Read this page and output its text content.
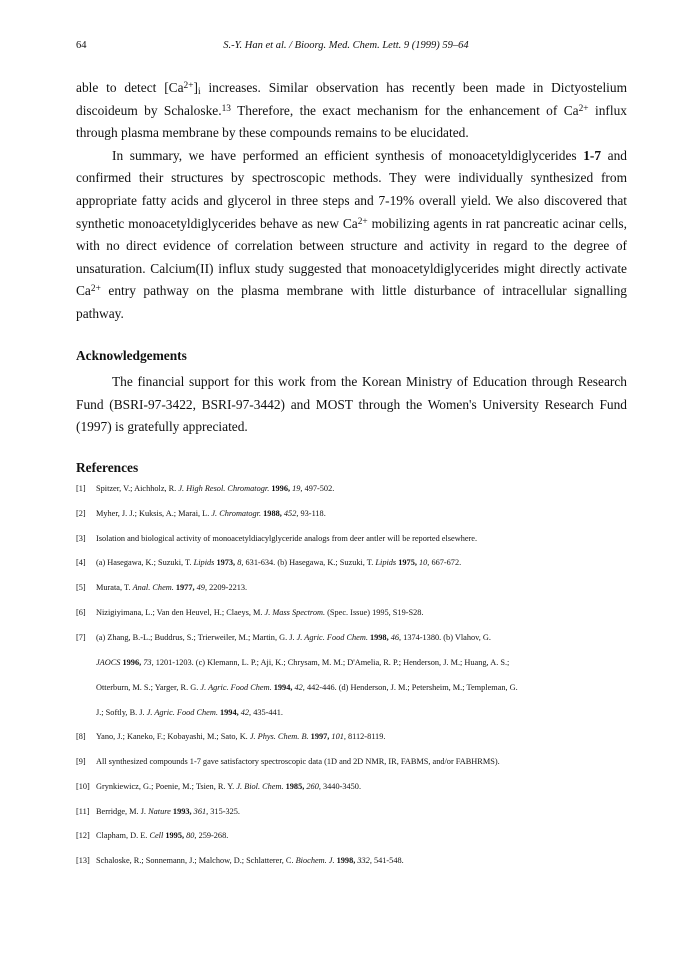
64	S.-Y. Han et al. / Bioorg. Med. Chem. Lett. 9 (1999) 59–64

able to detect $[Ca^{2+}]_i$ increases. Similar observation has recently been made in Dictyostelium discoideum by Schaloske.$^{13}$ Therefore, the exact mechanism for the enhancement of $Ca^{2+}$ influx through plasma membrane by these compounds remains to be elucidated.

In summary, we have performed an efficient synthesis of monoacetyldiglycerides 1-7 and confirmed their structures by spectroscopic methods. They were individually synthesized from appropriate fatty acids and glycerol in three steps and 7-19% overall yield. We also discovered that synthetic monoacetyldiglycerides behave as new $Ca^{2+}$ mobilizing agents in rat pancreatic acinar cells, with no direct evidence of correlation between structure and activity in regard to the degree of unsaturation. Calcium(II) influx study suggested that monoacetyldiglycerides might directly activate $Ca^{2+}$ entry pathway on the plasma membrane with little disturbance of intracellular signalling pathway.

Acknowledgements

The financial support for this work from the Korean Ministry of Education through Research Fund (BSRI-97-3422, BSRI-97-3442) and MOST through the Women's University Research Fund (1997) is gratefully appreciated.

References
[1] Spitzer, V.; Aichholz, R. J. High Resol. Chromatogr. 1996, 19, 497-502.
[2] Myher, J. J.; Kuksis, A.; Marai, L. J. Chromatogr. 1988, 452, 93-118.
[3] Isolation and biological activity of monoacetyldiacylglyceride analogs from deer antler will be reported elsewhere.
[4] (a) Hasegawa, K.; Suzuki, T. Lipids 1973, 8, 631-634. (b) Hasegawa, K.; Suzuki, T. Lipids 1975, 10, 667-672.
[5] Murata, T. Anal. Chem. 1977, 49, 2209-2213.
[6] Nizigiyimana, L.; Van den Heuvel, H.; Claeys, M. J. Mass Spectrom. (Spec. Issue) 1995, S19-S28.
[7] (a) Zhang, B.-L.; Buddrus, S.; Trierweiler, M.; Martin, G. J. J. Agric. Food Chem. 1998, 46, 1374-1380. (b) Vlahov, G.
JAOCS 1996, 73, 1201-1203. (c) Klemann, L. P.; Aji, K.; Chrysam, M. M.; D'Amelia, R. P.; Henderson, J. M.; Huang, A. S.;
Otterburn, M. S.; Yarger, R. G. J. Agric. Food Chem. 1994, 42, 442-446. (d) Henderson, J. M.; Petersheim, M.; Templeman, G.
J.; Softly, B. J. J. Agric. Food Chem. 1994, 42, 435-441.
[8] Yano, J.; Kaneko, F.; Kobayashi, M.; Sato, K. J. Phys. Chem. B. 1997, 101, 8112-8119.
[9] All synthesized compounds 1-7 gave satisfactory spectroscopic data (1D and 2D NMR, IR, FABMS, and/or FABHRMS).
[10] Grynkiewicz, G.; Poenie, M.; Tsien, R. Y. J. Biol. Chem. 1985, 260, 3440-3450.
[11] Berridge, M. J. Nature 1993, 361, 315-325.
[12] Clapham, D. E. Cell 1995, 80, 259-268.
[13] Schaloske, R.; Sonnemann, J.; Malchow, D.; Schlatterer, C. Biochem. J. 1998, 332, 541-548.
